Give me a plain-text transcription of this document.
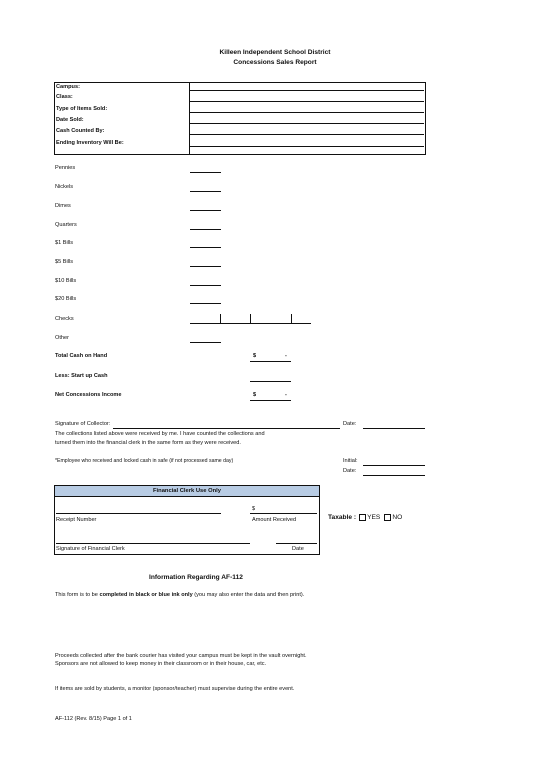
Killeen Independent School District
Concessions Sales Report
Campus:
Class:
Type of Items Sold:
Date Sold:
Cash Counted By:
Ending Inventory Will Be:
Pennies
Nickels
Dimes
Quarters
$1 Bills
$5 Bills
$10 Bills
$20 Bills
Checks
Other
Total Cash on Hand	$	-
Less: Start up Cash
Net Concessions Income	$	-
Signature of Collector:	Date:
The collections listed above were received by me. I have counted the collections and
turned them into the financial clerk in the same form as they were received.
*Employee who received and locked cash in safe (if not processed same day)	Initial:
Date:
Financial Clerk Use Only
$
Receipt Number	Amount Received
Signature of Financial Clerk	Date
Taxable : YES NO
Information Regarding AF-112
This form is to be completed in black or blue ink only (you may also enter the data and then print).
Proceeds collected after the bank courier has visited your campus must be kept in the vault overnight.
Sponsors are not allowed to keep money in their classroom or in their house, car, etc.
If items are sold by students, a monitor (sponsor/teacher) must supervise during the entire event.
AF-112 (Rev. 8/15) Page 1 of 1
